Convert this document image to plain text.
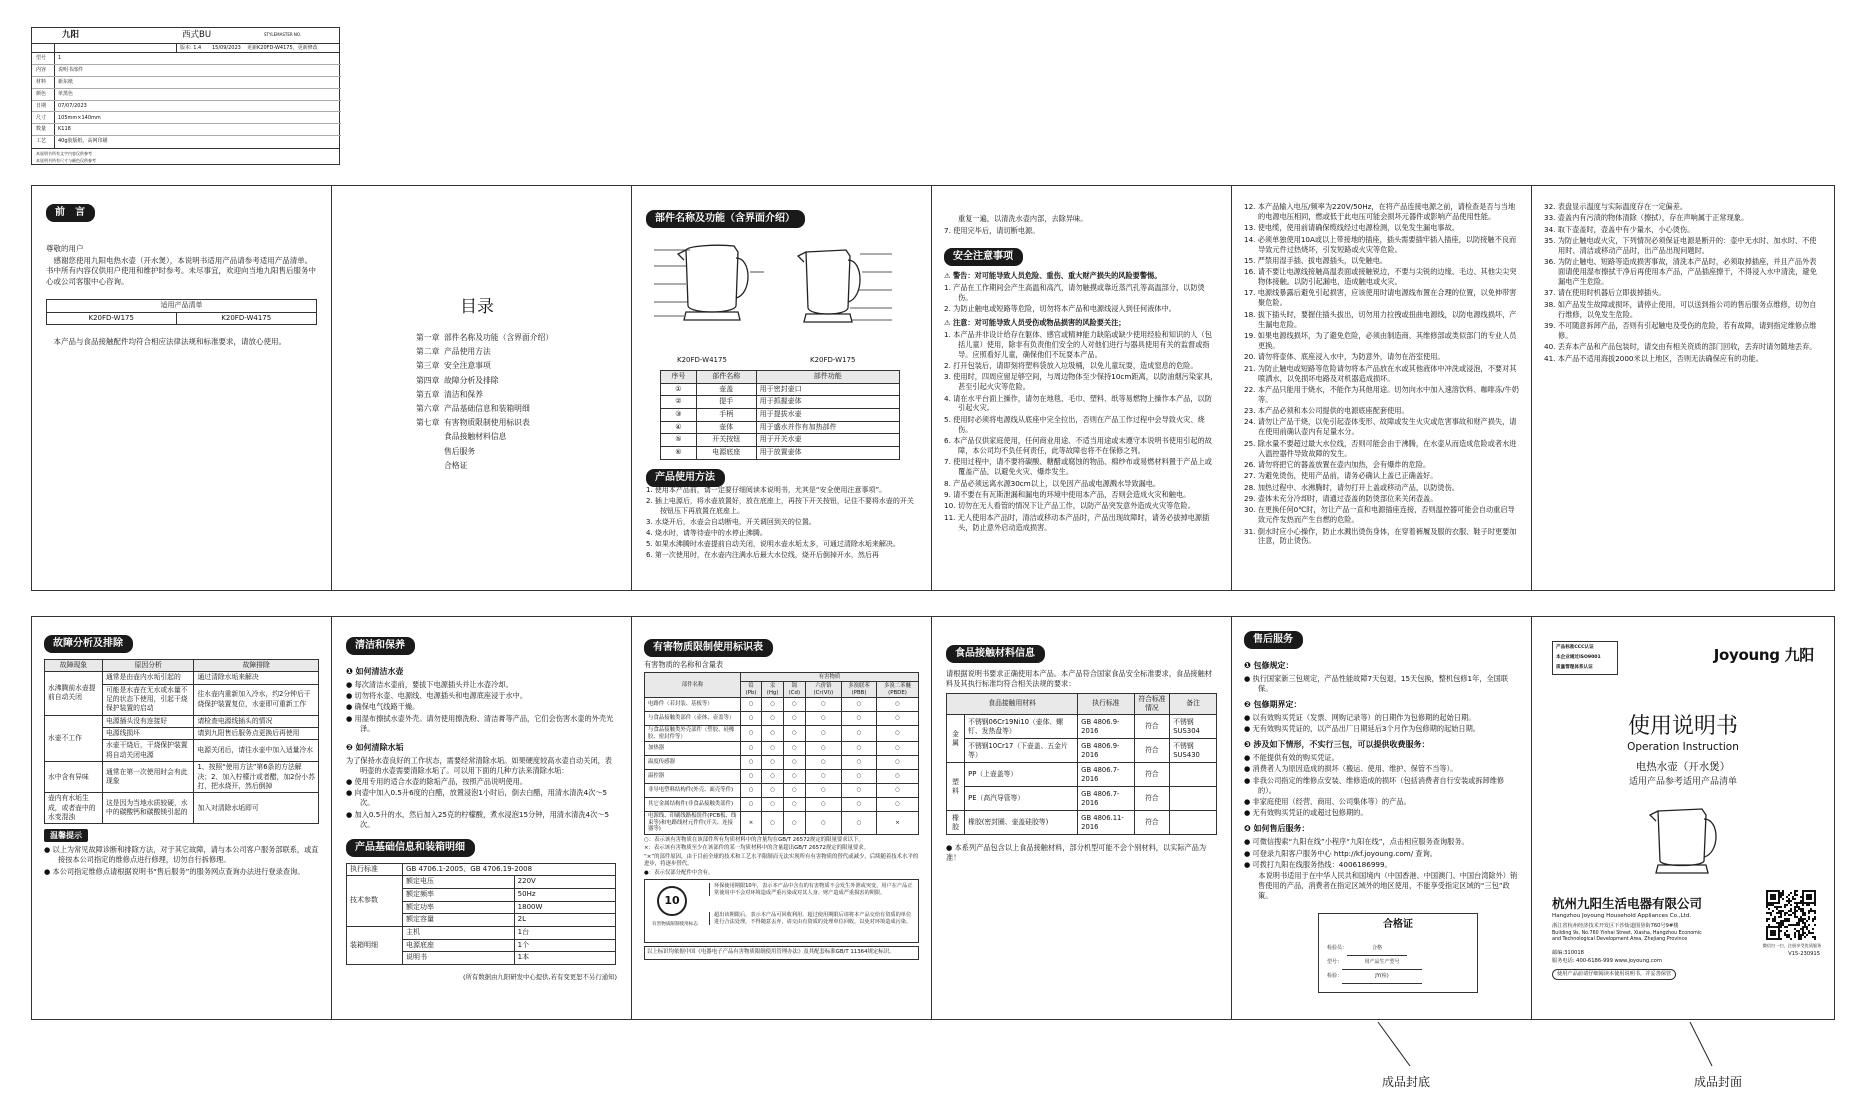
九阳	西式BU	STYLEMASTER NO.
版本: 1.4 15/09/2023 更新K20FD-W4175，更新修改
型号 1
内容 说明书部件
材料 新东纸
颜色 单黑色
日期 07/07/2023
尺寸 105mm×140mm
数量 K118
工艺 40g胶版纸，高网印刷
本说明书所有文字内容仅供参考
本说明书所有尺寸与颜色仅供参考
前　言

尊敬的用户

　感谢您使用九阳电热水壶（开水煲），本说明书适用产品请参考适用产品清单。书中所有内容仅供用户使用和维护时参考。未尽事宜，欢迎向当地九阳售后服务中心或公司客服中心咨询。

适用产品清单
K20FD-W175	K20FD-W4175

　本产品与食品接触配件均符合相应法律法规和标准要求，请放心使用。

目录
第一章 部件名称及功能（含界面介绍）
第二章 产品使用方法
第三章 安全注意事项
第四章 故障分析及排除
第五章 清洁和保养
第六章 产品基础信息和装箱明细
第七章 有害物质限制使用标识表
食品接触材料信息
售后服务
合格证
部件名称及功能（含界面介绍）
K20FD-W4175	K20FD-W175
序号	部件名称	部件功能
①	壶盖	用于密封壶口
②	提手	用于抓握壶体
③	手柄	用于提拔水壶
④	壶体	用于盛水并作有加热部件
⑤	开关按钮	用于开关水壶
⑥	电源底座	用于放置壶体
产品使用方法

1. 使用本产品前，请一定要仔细阅读本说明书，尤其是“安全使用注意事项”。

2. 插上电源后，将水壶放置好，放在底座上，再按下开关按钮，记住不要将水壶的开关按钮压下再放置在底座上。

3. 水烧开后，水壶会自动断电，开关调回到关的位置。

4. 烧水时，请等待壶中的水停止沸腾。

5. 如果水沸腾时水壶提前自动关闭，说明水壶水垢太多，可通过清除水垢来解决。

6. 第一次使用时，在水壶内注满水后最大水位线，烧开后倒掉开水，然后再

重复一遍，以清洗水壶内部，去除异味。

7. 使用完毕后，请切断电源。

安全注意事项

⚠ 警告：对可能导致人员危险、重伤、重大财产损失的风险要警惕。

1. 产品在工作期间会产生高温和高汽，请勿触摸或靠近蒸汽孔等高温部分，以防烫伤。

2. 为防止触电或短路等危险，切勿将本产品和电源线浸入到任何液体中。

⚠ 注意：对可能导致人员受伤或物品损害的风险要关注；

1. 本产品并非设计给存在躯体、感官或精神能力缺陷或缺少使用经验和知识的人（包括儿童）使用，除非有负责他们安全的人对他们进行与器具使用有关的监督或指导。应照看好儿童，确保他们不玩耍本产品。

2. 打开包装后，请即刻将塑料袋放入垃圾桶，以免儿童玩耍，造成窒息的危险。

3. 使用时，四周应留足够空间，与周边物体至少保持10cm距离，以防油烟污染家具，甚至引起火灾等危险。

4. 请在水平台面上操作，请勿在地毯、毛巾、塑料、纸等易燃物上操作本产品，以防引起火灾。

5. 使用时必须将电源线从底座中完全拉出，否则在产品工作过程中会导致火灾、烧伤。

6. 本产品仅供家庭使用，任何商业用途、不适当用途或未遵守本说明书使用引起的故障，本公司均不负任何责任，此等故障也将不在保修之列。

7. 使用过程中，请不要将碳酸、糖醋或腐蚀的物品、棉纱布或易燃材料置于产品上或覆盖产品，以避免火灾、爆炸发生。

8. 产品必须远离水源30cm以上，以免因产品或电源溅水导致漏电。

9. 请不要在有瓦斯泄漏和漏电的环境中使用本产品，否则会造成火灾和触电。

10. 切勿在无人看管的情况下让产品工作，以防产品突发意外造成火灾等危险。

11. 无人使用本产品时，清洁或移动本产品时，产品出现故障时，请务必拔掉电源插头，防止意外启动造成损害。

12. 本产品输入电压/频率为220V/50Hz，在将产品连接电源之前，请检查是否与当地的电源电压相同，燃或低于此电压可能会损坏元器件或影响产品使用性能。

13. 使电缆，使用前请确保缆线经过电源检测，以免发生漏电事故。

14. 必须单独使用10A或以上带接地的插座，插头需要插牢插入插座，以防接触不良而导致元件过热烧坏，引发短路或火灾等危险。

15. 严禁用湿手插、拔电源插头，以免触电。

16. 请不要让电源线接触高温表面或接触锐边，不要与尖锐的边缘、毛边、其他尖尖突物体接触。以防引起漏电，造成触电或火灾。

17. 电源线暴露后避免引起损害，应该使用时请电源线布置在合理的位置，以免伸带害聚危险。

18. 拔下插头时，要握住插头拔出，切勿用力拉拽或扭曲电源线，以防电源线损坏，产生漏电危险。

19. 如果电源线损坏，为了避免危险，必须由制造商、其维修部或类似部门的专业人员更换。

20. 请勿将壶体、底座浸入水中，为防意外，请勿在浴室使用。

21. 为防止触电或短路等危险请勿将本产品放在水或其他液体中冲洗或浸泡，不要对其喷洒水，以免损坏电路及对机器造成损坏。

22. 本产品只能用于烧水，不能作为其他用途。切勿向水中加入速溶饮料、咖啡冻/牛奶等。

23. 本产品必须和本公司提供的电源底座配套使用。

24. 请勿让产品干烧，以免引起壶体变形、故障或发生火灾或危害事故和财产损失，请在使用前确认壶内有足量水分。

25. 除水量不要超过最大水位线，否则可能会由于沸腾，在水壶从而造成危险或者水进入温控器件导致故障的发生。

26. 请勿将把它的器盖放置在壶内加热，会有爆炸的危险。

27. 为避免烫伤，使用产品前，请务必确认上盖已正确盖好。

28. 加热过程中、水沸腾时，请勿打开上盖或移动产品，以防烫伤。

29. 壶体未充分冷却时，请通过壶盖的防烫部位来关闭壶盖。

30. 在更换任何0℃时，勿让产品一直和电源插座连接，否则温控器可能会自动重启导致元件发热而产生自燃的危险。

31. 倒水时应小心操作，防止水溅出烫伤身体，在穿着裤履及服的衣服、鞋子时更要加注意，防止烫伤。

32. 表盘显示温度与实际温度存在一定偏差。

33. 壶盖内有污渍的物体清除（擦拭），存在声响属于正常现象。

34. 取下壶盖时，壶盖中有少量水，小心烫伤。

35. 为防止触电或火灾，下列情况必须保证电源是断开的：壶中无水时、加水时、不使用时、清洁或移动产品时，出产品出现问题时。

36. 为防止触电、短路等造成损害事故，清洗本产品时，必须取掉插座，并且产品外表面请使用湿布擦拭干净后再使用本产品，产品插座擦干，不得浸入水中清洗，避免漏电产生危险。

37. 请在使用时机器后立即拔掉插头。

38. 如产品发生故障或损坏，请停止使用，可以送到指公司的售后服务点维修，切勿自行维修，以免发生危险。

39. 不可随意拆卸产品，否则有引起触电及受伤的危险，若有故障，请到指定维修点维修。

40. 丢弃本产品和产品包装时，请交由有相关资质的部门回收，丢弃时请勿随地丢弃。

41. 本产品不适用海拔2000米以上地区，否则无法确保应有的功能。

故障分析及排除
故障现象	原因分析	故障排除
水沸腾前水壶提前自动关闭	通常是由壶内水垢引起的	通过清除水垢来解决
	可能是水壶在无水或水量不足的状态下使用，引起干烧保护装置的启动	往水壶内重新加入冷水，约2分钟后干烧保护装置复位，水壶即可重新工作
水壶不工作	电源插头没有连接好	请检查电源线插头的情况
	电源线损坏	请到九阳售后服务点更换后再使用
	水壶干烧后，干烧保护装置将自动关闭电源	电源关闭后，请往水壶中加入适量冷水
水中含有异味	通常在第一次使用时会有此现象	1、按照“使用方法”第6条的方法解决；2、加入柠檬汁或者醋，加2份小苏打，把水烧开，然后倒掉
壶内有水垢生成，或者壶中的水变混浊	这是因为当地水质较硬，水中的碳酸钙和碳酸镁引起的	加入对清除水垢即可
温馨提示

● 以上为常见故障诊断和排除方法，对于其它故障，请与本公司客户服务部联系，或直接按本公司指定的维修点进行修理，切勿自行拆修理。

● 本公司指定维修点请根据说明书“售后服务”的服务网点查询办法进行登录查询。

清洁和保养
❶ 如何清洁水壶

● 每次清洁水壶前，要拔下电源插头并让水壶冷却。

● 切勿将水壶、电源线、电源插头和电源底座浸于水中。

● 确保电气线路干燥。

● 用湿布擦拭水壶外壳。请勿使用擦洗粉、清洁膏等产品，它们会伤害水壶的外壳光泽。

❷ 如何清除水垢

为了保持水壶良好的工作状态，需要经常清除水垢。如果硬度较高水壶自动关闭，表明壶的水壶需要清除水垢了。可以用下面的几种方法来清除水垢：

● 使用专用的适合水壶的除垢产品，按照产品说明使用。

● 向壶中加入0.5升6度的白醋，放置浸泡1小时后，倒去白醋，用清水清洗4次～5次。

● 加入0.5升的水，然后加入25克的柠檬酸，煮水浸泡15分钟，用清水清洗4次～5次。

产品基础信息和装箱明细
执行标准	GB 4706.1-2005、GB 4706.19-2008	
技术参数	额定电压	220V
	额定频率	50Hz
	额定功率	1800W
	额定容量	2L
装箱明细	主机	1台
	电源底座	1个
	说明书	1本

(所有数据由九阳研发中心提供,若有变更恕不另行通知)

有害物质限制使用标识表

有害物质的名称和含量表

部件名称	有害物质					
	铅(Pb)	汞(Hg)	镉(Cd)	六价铬(Cr(VI))	多溴联苯(PBB)	多溴二苯醚(PBDE)
电路件（若封装、基板等）	○	○	○	○	○	○
与食品接触类部件（壶体、壶盖等）	○	○	○	○	○	○
与食品接触类外壳部件（塑胶、硅橡胶、密封件等）	○	○	○	○	○	○
加热器	○	○	○	○	○	○
温度传感器	○	○	○	○	○	○
温控器	○	○	○	○	○	○
非导电塑料结构件(外壳、面壳等件)	○	○	○	○	○	○
其它金属结构件(非食品接触类部件)	○	○	○	○	○	○
电源线、印刷线路板组件(PCB板、线束等)和电路线材元件件(开关、连接器等)	×	○	○	○	○	×

○：表示该有害物质在该部件所有均质材料中的含量均在GB/T 26572规定的限量要求以下。

×：表示该有害物质至少在该部件的某一均质材料中的含量超出GB/T 26572规定的限量要求。

“×”的部件原因，由于目前全球的技术和工艺水平限制而无法实现所有有害物质的替代或减少，后续随着技术水平的进步，将逐步替代。

●：表示仅部分配件中含有。

10
有害物质限制使用标志
环保使用期限10年，表示本产品中含有的有害物质不会发生外泄或突变，用户在产品正常使用中不会对环境造成严重污染或对其人身、财产造成严重损害的期限。
超出该期限后，表示本产品可回收利用，超过使用期限后请将本产品交给有资质的单位进行合法处理，不得随意丢弃，请交由有资质的处理单位回收，以免对环境造成污染。

以上标识均依据中国《电器电子产品有害物质限制使用管理办法》及其配套标准GB/T 11364规定标识。

食品接触材料信息

请根据说明书要求正确使用本产品。本产品符合国家食品安全标准要求，食品接触材料及其执行标准均符合相关法规的要求：

食品接触用材料		执行标准	符合标准情况	备注
金属	不锈钢06Cr19Ni10（壶体、螺钉、发热盘等）	GB 4806.9-2016	符合	不锈钢SUS304
	不锈钢10Cr17（下壶盖、五金片等）	GB 4806.9-2016	符合	不锈钢SUS430
塑料	PP（上壶盖等）	GB 4806.7-2016	符合	
	PE（高汽导管等）	GB 4806.7-2016	符合	
橡胶	橡胶(密封圈、壶盖硅胶等)	GB 4806.11-2016	符合	

● 本系列产品包含以上食品接触材料，部分机型可能不会个别材料，以实际产品为准！

售后服务
❶ 包修规定：

● 执行国家新三包规定，产品性能故障7天包退，15天包换，整机包修1年，全国联保。

❷ 包修期界定：

● 以有效购买凭证（发票、网购记录等）的日期作为包修期的起始日期。

● 无有效购买凭证的，以产品出厂日期延后3个月作为包修期的起始日期。

❸ 涉及如下情形，不实行三包，可以提供收费服务：

● 不能提供有效的购买凭证。

● 消费者人为原因造成的损坏（搬运、使用、维护、保管不当等）。

● 非我公司指定的维修点安装、维修造成的损坏（包括消费者自行安装或拆卸维修的）。

● 非家庭使用（经营、商用、公司集体等）的产品。

● 无有效购买凭证的或超过包修期的。

❹ 如何售后服务：

● 可微信搜索“九阳在线”小程序“九阳在线”，点击相应服务查询服务。

● 可登录九阳客户服务中心 http://kf.joyoung.com/ 查询。

● 可拨打九阳在线服务热线：4006186999。

　　本说明书适用于在中华人民共和国境内（中国香港、中国澳门、中国台湾除外）销售使用的产品，消费者在指定区域外的地区使用，不能享受指定区域的“三包”政策。

合格证
检验员：	合格
型号：	用产品生产型号
检验：	JY(检)
产品标准CCC认证
本企业通过ISO9001
质量管理体系认证
Joyoung 九阳
使用说明书
Operation Instruction
电热水壶（开水煲）
适用产品参考适用产品清单
杭州九阳生活电器有限公司
Hangzhou Joyoung Household Appliances Co.,Ltd.
浙江省杭州经济技术开发区下沙街道围垦街760号9#楼
Building 9s, No.760 Yinhai Street, Xiasha, Hangzhou Economic and Technological Development Area, Zhejiang Province
邮编:310018
服务电话: 400-6186-999 www.joyoung.com
使用产品前请仔细阅读本使用说明书，并妥善保管
微信扫一扫，注册享受优质服务
V15-230915
成品封底	成品封面
